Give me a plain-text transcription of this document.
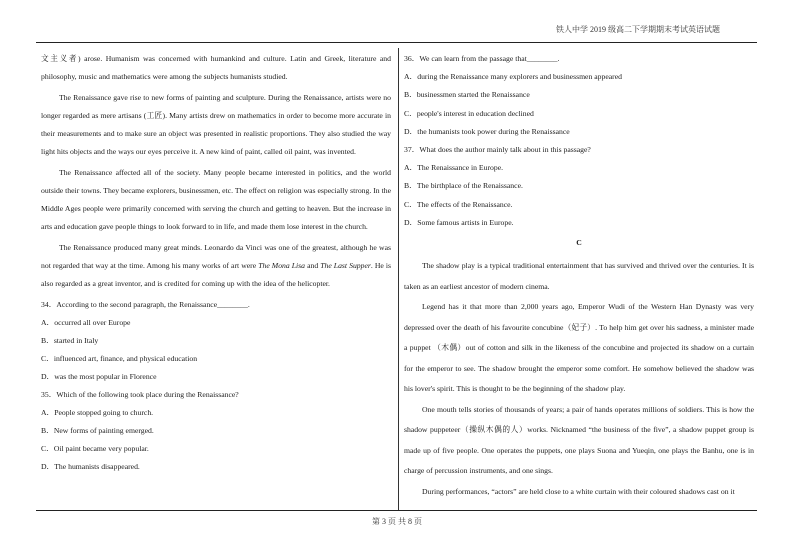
铁人中学 2019 级高二下学期期末考试英语试题

文主义者) arose. Humanism was concerned with humankind and culture. Latin and Greek, literature and philosophy, music and mathematics were among the subjects humanists studied.

The Renaissance gave rise to new forms of painting and sculpture. During the Renaissance, artists were no longer regarded as mere artisans (工匠). Many artists drew on mathematics in order to become more accurate in their measurements and to make sure an object was presented in realistic proportions. They also studied the way light hits objects and the ways our eyes perceive it. A new kind of paint, called oil paint, was invented.

The Renaissance affected all of the society. Many people became interested in politics, and the world outside their towns. They became explorers, businessmen, etc. The effect on religion was especially strong. In the Middle Ages people were primarily concerned with serving the church and getting to heaven. But the increase in arts and education gave people things to look forward to in life, and made them lose interest in the church.

The Renaissance produced many great minds. Leonardo da Vinci was one of the greatest, although he was not regarded that way at the time. Among his many works of art were The Mona Lisa and The Last Supper. He is also regarded as a great inventor, and is credited for coming up with the idea of the helicopter.

34．According to the second paragraph, the Renaissance________.

A．occurred all over Europe

B．started in Italy

C．influenced art, finance, and physical education

D．was the most popular in Florence

35．Which of the following took place during the Renaissance?

A．People stopped going to church.

B．New forms of painting emerged.

C．Oil paint became very popular.

D．The humanists disappeared.

36．We can learn from the passage that________.

A．during the Renaissance many explorers and businessmen appeared

B．businessmen started the Renaissance

C．people's interest in education declined

D．the humanists took power during the Renaissance

37．What does the author mainly talk about in this passage?

A．The Renaissance in Europe.

B．The birthplace of the Renaissance.

C．The effects of the Renaissance.

D．Some famous artists in Europe.

C

The shadow play is a typical traditional entertainment that has survived and thrived over the centuries. It is taken as an earliest ancestor of modern cinema.

Legend has it that more than 2,000 years ago, Emperor Wudi of the Western Han Dynasty was very depressed over the death of his favourite concubine（妃子）. To help him get over his sadness, a minister made a puppet （木偶）out of cotton and silk in the likeness of the concubine and projected its shadow on a curtain for the emperor to see. The shadow brought the emperor some comfort. He somehow believed the shadow was his lover's spirit. This is thought to be the beginning of the shadow play.

One mouth tells stories of thousands of years; a pair of hands operates millions of soldiers. This is how the shadow puppeteer（操纵木偶的人）works. Nicknamed “the business of the five”, a shadow puppet group is made up of five people. One operates the puppets, one plays Suona and Yueqin, one plays the Banhu, one is in charge of percussion instruments, and one sings.

During performances, “actors” are held close to a white curtain with their coloured shadows cast on it

第 3 页 共 8 页
